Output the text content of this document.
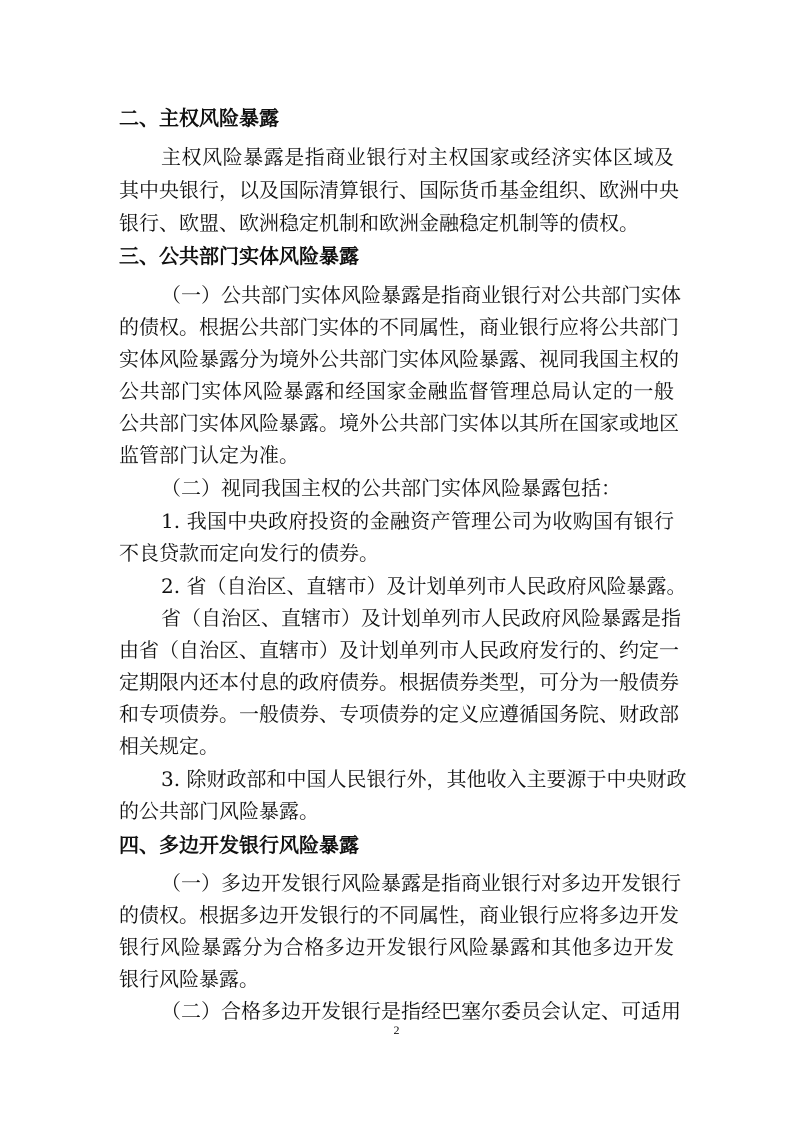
二、主权风险暴露
主权风险暴露是指商业银行对主权国家或经济实体区域及
其中央银行，以及国际清算银行、国际货币基金组织、欧洲中央
银行、欧盟、欧洲稳定机制和欧洲金融稳定机制等的债权。
三、公共部门实体风险暴露
（一）公共部门实体风险暴露是指商业银行对公共部门实体
的债权。根据公共部门实体的不同属性，商业银行应将公共部门
实体风险暴露分为境外公共部门实体风险暴露、视同我国主权的
公共部门实体风险暴露和经国家金融监督管理总局认定的一般
公共部门实体风险暴露。境外公共部门实体以其所在国家或地区
监管部门认定为准。
（二）视同我国主权的公共部门实体风险暴露包括：
1. 我国中央政府投资的金融资产管理公司为收购国有银行
不良贷款而定向发行的债券。
2. 省（自治区、直辖市）及计划单列市人民政府风险暴露。
省（自治区、直辖市）及计划单列市人民政府风险暴露是指
由省（自治区、直辖市）及计划单列市人民政府发行的、约定一
定期限内还本付息的政府债券。根据债券类型，可分为一般债券
和专项债券。一般债券、专项债券的定义应遵循国务院、财政部
相关规定。
3. 除财政部和中国人民银行外，其他收入主要源于中央财政
的公共部门风险暴露。
四、多边开发银行风险暴露
（一）多边开发银行风险暴露是指商业银行对多边开发银行
的债权。根据多边开发银行的不同属性，商业银行应将多边开发
银行风险暴露分为合格多边开发银行风险暴露和其他多边开发
银行风险暴露。
（二）合格多边开发银行是指经巴塞尔委员会认定、可适用
2
